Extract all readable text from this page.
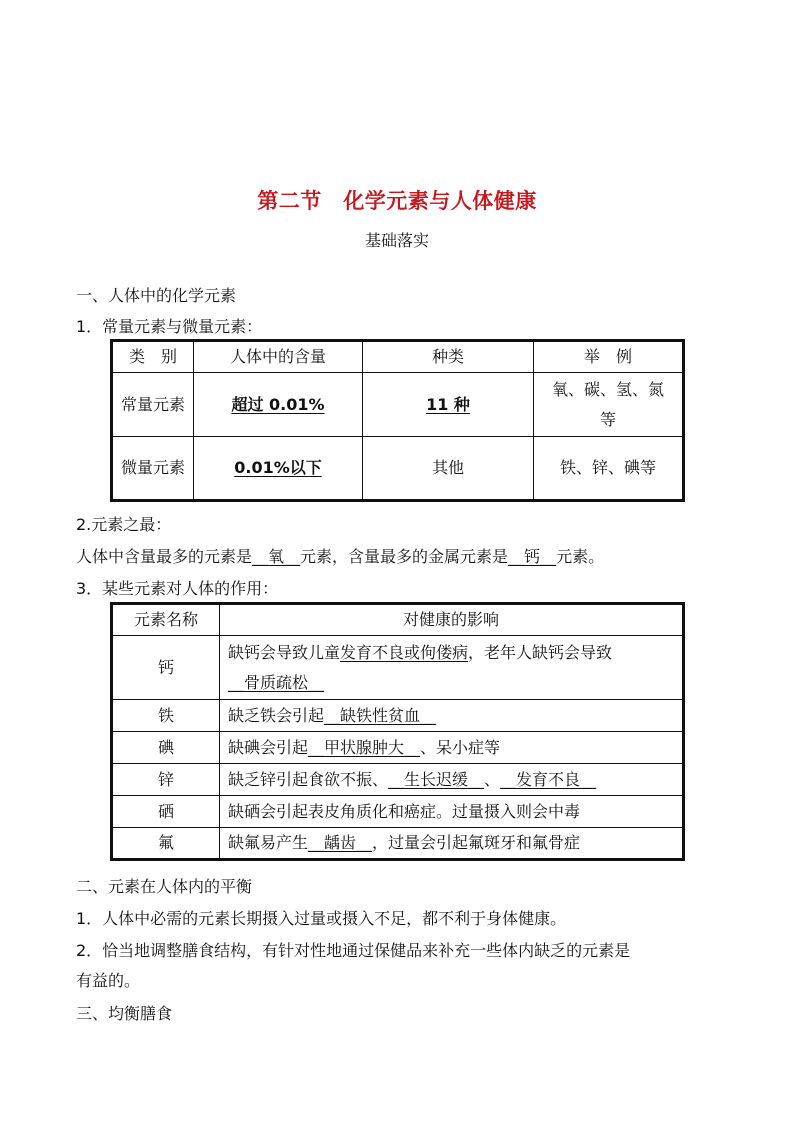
第二节　化学元素与人体健康
基础落实
一、人体中的化学元素
1．常量元素与微量元素：
类　别	人体中的含量	种类	举　例

常量元素	超过 0.01%	11 种	氧、碳、氢、氮等

微量元素	0.01%以下	其他	铁、锌、碘等
2.元素之最：
人体中含量最多的元素是__氧__元素，含量最多的金属元素是__钙__元素。
3．某些元素对人体的作用：
元素名称	对健康的影响
钙	缺钙会导致儿童发育不良或佝偻病，老年人缺钙会导致
__骨质疏松__

铁	缺乏铁会引起__缺铁性贫血__
碘	缺碘会引起__甲状腺肿大__、呆小症等
锌	缺乏锌引起食欲不振、__生长迟缓__、__发育不良__
硒	缺硒会引起表皮角质化和癌症。过量摄入则会中毒
氟	缺氟易产生__龋齿__，过量会引起氟斑牙和氟骨症
二、元素在人体内的平衡
1．人体中必需的元素长期摄入过量或摄入不足，都不利于身体健康。
2．恰当地调整膳食结构，有针对性地通过保健品来补充一些体内缺乏的元素是
有益的。
三、均衡膳食
